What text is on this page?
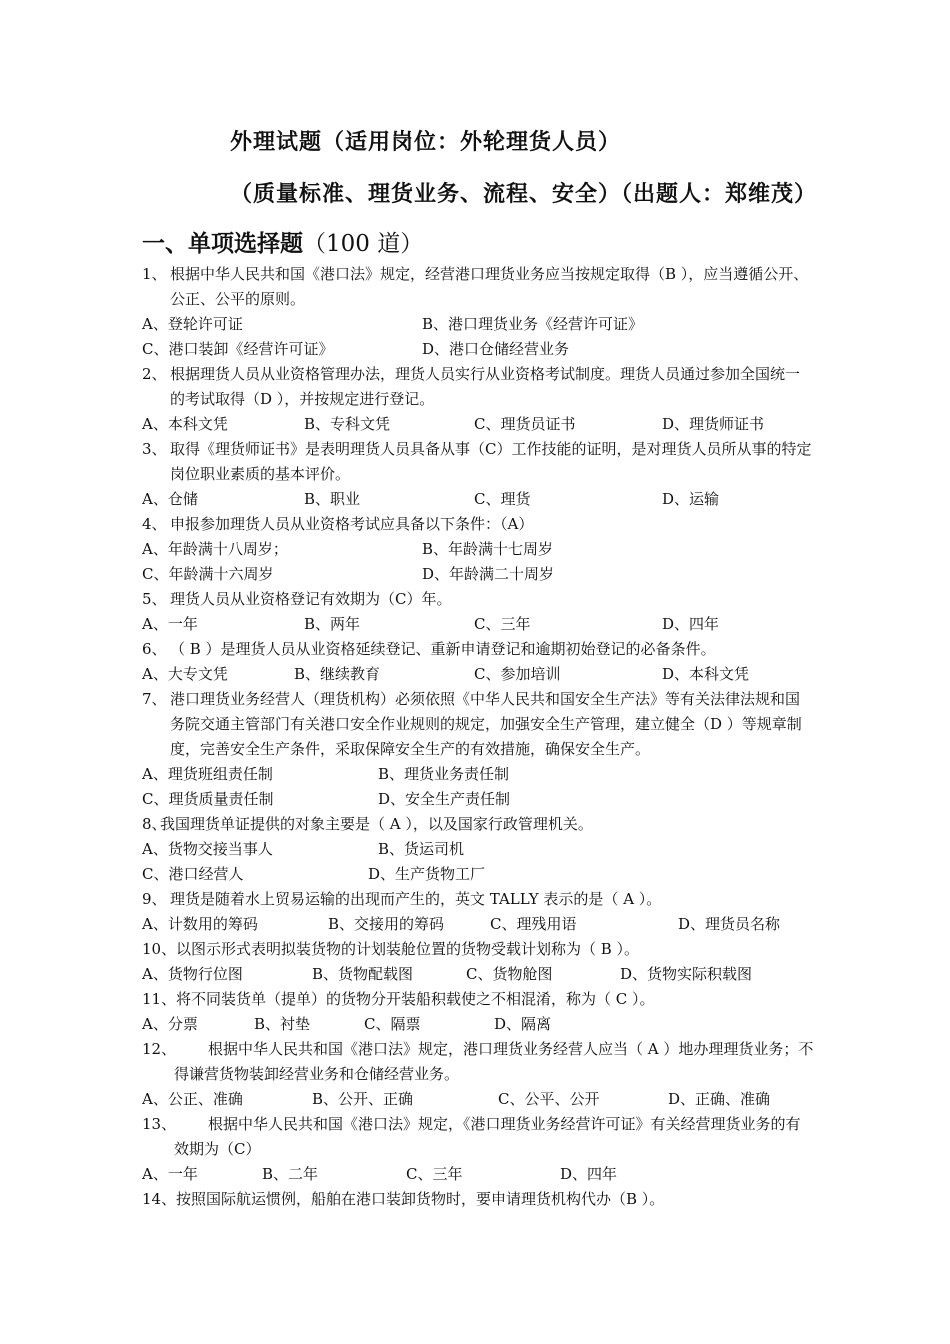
外理试题（适用岗位：外轮理货人员）
（质量标准、理货业务、流程、安全）（出题人：郑维茂）
一、单项选择题（100 道）
1、 根据中华人民共和国《港口法》规定，经营港口理货业务应当按规定取得（B ），应当遵循公开、公正、公平的原则。
A、登轮许可证	B、港口理货业务《经营许可证》
C、港口装卸《经营许可证》	D、港口仓储经营业务
2、 根据理货人员从业资格管理办法，理货人员实行从业资格考试制度。理货人员通过参加全国统一的考试取得（D ），并按规定进行登记。
A、本科文凭	B、专科文凭	C、理货员证书	D、理货师证书
3、 取得《理货师证书》是表明理货人员具备从事（C）工作技能的证明，是对理货人员所从事的特定岗位职业素质的基本评价。
A、仓储	B、职业	C、理货	D、运输
4、 申报参加理货人员从业资格考试应具备以下条件：（A）
A、年龄满十八周岁；	B、年龄满十七周岁
C、年龄满十六周岁	D、年龄满二十周岁
5、 理货人员从业资格登记有效期为（C）年。
A、一年	B、两年	C、三年	D、四年
6、 （ B ）是理货人员从业资格延续登记、重新申请登记和逾期初始登记的必备条件。
A、大专文凭	B、继续教育	C、参加培训	D、本科文凭
7、 港口理货业务经营人（理货机构）必须依照《中华人民共和国安全生产法》等有关法律法规和国务院交通主管部门有关港口安全作业规则的规定，加强安全生产管理，建立健全（D ）等规章制度，完善安全生产条件，采取保障安全生产的有效措施，确保安全生产。
A、理货班组责任制	B、理货业务责任制
C、理货质量责任制	D、安全生产责任制
8、
我国理货单证提供的对象主要是（ A ），以及国家行政管理机关。
A、货物交接当事人	B、货运司机
C、港口经营人	D、生产货物工厂
9、 理货是随着水上贸易运输的出现而产生的，英文 TALLY 表示的是（ A ）。
A、计数用的筹码	B、交接用的筹码	C、理残用语	D、理货员名称
10、 以图示形式表明拟装货物的计划装舱位置的货物受载计划称为（ B ）。
A、货物行位图	B、货物配载图	C、货物舱图	D、货物实际积载图
11、 将不同装货单（提单）的货物分开装船积载使之不相混淆，称为（ C ）。
A、分票	B、衬垫	C、隔票	D、隔离
12、 根据中华人民共和国《港口法》规定，港口理货业务经营人应当（ A ）地办理理货业务；不得谦营货物装卸经营业务和仓储经营业务。
A、公正、准确	B、公开、正确	C、公平、公开	D、正确、准确
13、 根据中华人民共和国《港口法》规定，《港口理货业务经营许可证》有关经营理货业务的有效期为（C）
A、一年	B、二年	C、三年	D、四年
14、 按照国际航运惯例，船舶在港口装卸货物时，要申请理货机构代办（B ）。
